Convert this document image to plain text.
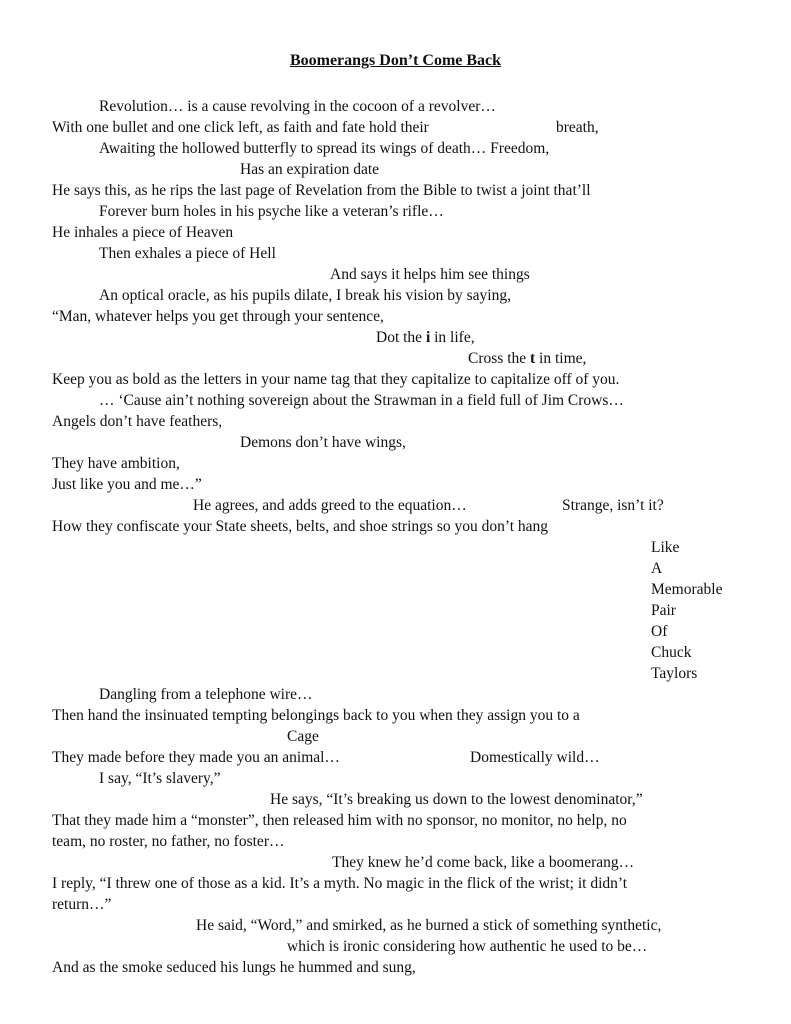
Boomerangs Don’t Come Back
Revolution… is a cause revolving in the cocoon of a revolver…
With one bullet and one click left, as faith and fate hold their	breath,
Awaiting the hollowed butterfly to spread its wings of death… Freedom,
Has an expiration date
He says this, as he rips the last page of Revelation from the Bible to twist a joint that’ll
Forever burn holes in his psyche like a veteran’s rifle…
He inhales a piece of Heaven
Then exhales a piece of Hell
And says it helps him see things
An optical oracle, as his pupils dilate, I break his vision by saying,
“Man, whatever helps you get through your sentence,
Dot the i in life,
Cross the t in time,
Keep you as bold as the letters in your name tag that they capitalize to capitalize off of you.
… ‘Cause ain’t nothing sovereign about the Strawman in a field full of Jim Crows…
Angels don’t have feathers,
Demons don’t have wings,
They have ambition,
Just like you and me…”
He agrees, and adds greed to the equation…	Strange, isn’t it?
How they confiscate your State sheets, belts, and shoe strings so you don’t hang
Like
A
Memorable
Pair
Of
Chuck
Taylors
Dangling from a telephone wire…
Then hand the insinuated tempting belongings back to you when they assign you to a
Cage
They made before they made you an animal…	Domestically wild…
I say, “It’s slavery,”
He says, “It’s breaking us down to the lowest denominator,”
That they made him a “monster”, then released him with no sponsor, no monitor, no help, no
team, no roster, no father, no foster…
They knew he’d come back, like a boomerang…
I reply, “I threw one of those as a kid. It’s a myth. No magic in the flick of the wrist; it didn’t
return…”
He said, “Word,” and smirked, as he burned a stick of something synthetic,
which is ironic considering how authentic he used to be…
And as the smoke seduced his lungs he hummed and sung,
